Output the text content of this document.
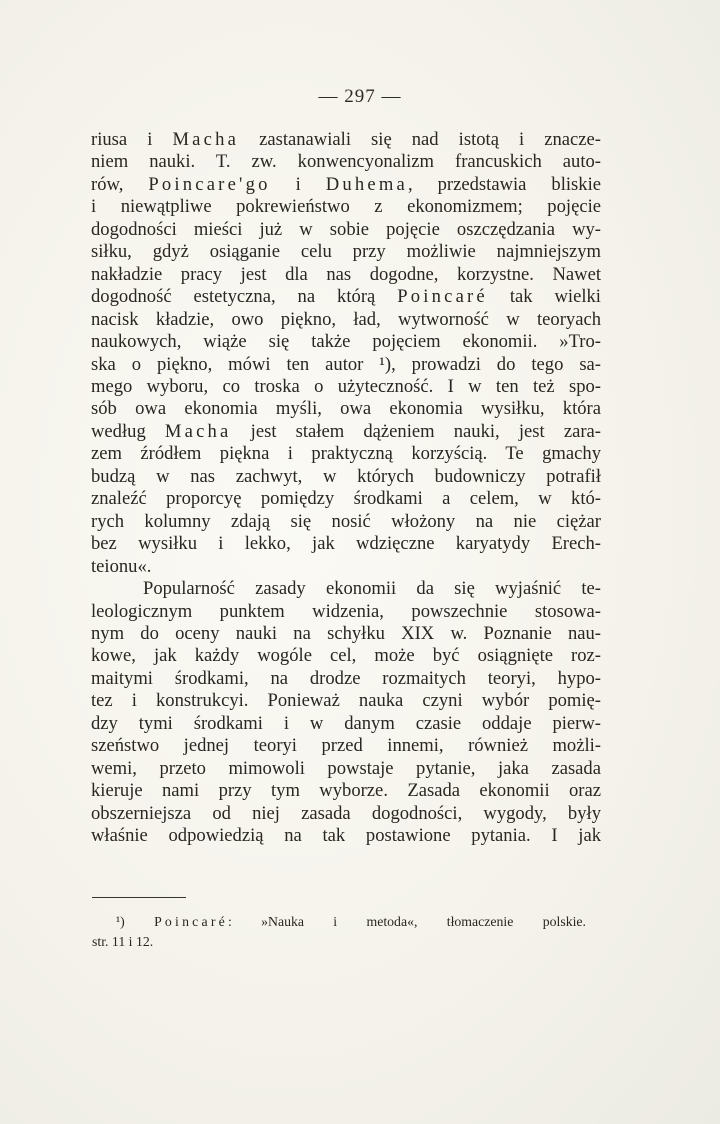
— 297 —
riusa i Macha zastanawiali się nad istotą i znacze-
niem nauki. T. zw. konwencyonalizm francuskich auto-
rów, Poincare'go i Duhema, przedstawia bliskie
i niewątpliwe pokrewieństwo z ekonomizmem; pojęcie
dogodności mieści już w sobie pojęcie oszczędzania wy-
siłku, gdyż osiąganie celu przy możliwie najmniejszym
nakładzie pracy jest dla nas dogodne, korzystne. Nawet
dogodność estetyczna, na którą Poincaré tak wielki
nacisk kładzie, owo piękno, ład, wytworność w teoryach
naukowych, wiąże się także pojęciem ekonomii. »Tro-
ska o piękno, mówi ten autor ¹), prowadzi do tego sa-
mego wyboru, co troska o użyteczność. I w ten też spo-
sób owa ekonomia myśli, owa ekonomia wysiłku, która
według Macha jest stałem dążeniem nauki, jest zara-
zem źródłem piękna i praktyczną korzyścią. Te gmachy
budzą w nas zachwyt, w których budowniczy potrafił
znaleźć proporcyę pomiędzy środkami a celem, w któ-
rych kolumny zdają się nosić włożony na nie ciężar
bez wysiłku i lekko, jak wdzięczne karyatydy Erech-
teionu«.
Popularność zasady ekonomii da się wyjaśnić te-
leologicznym punktem widzenia, powszechnie stosowa-
nym do oceny nauki na schyłku XIX w. Poznanie nau-
kowe, jak każdy wogóle cel, może być osiągnięte roz-
maitymi środkami, na drodze rozmaitych teoryi, hypo-
tez i konstrukcyi. Ponieważ nauka czyni wybór pomię-
dzy tymi środkami i w danym czasie oddaje pierw-
szeństwo jednej teoryi przed innemi, również możli-
wemi, przeto mimowoli powstaje pytanie, jaka zasada
kieruje nami przy tym wyborze. Zasada ekonomii oraz
obszerniejsza od niej zasada dogodności, wygody, były
właśnie odpowiedzią na tak postawione pytania. I jak
¹) Poincaré: »Nauka i metoda«, tłomaczenie polskie.
str. 11 i 12.
